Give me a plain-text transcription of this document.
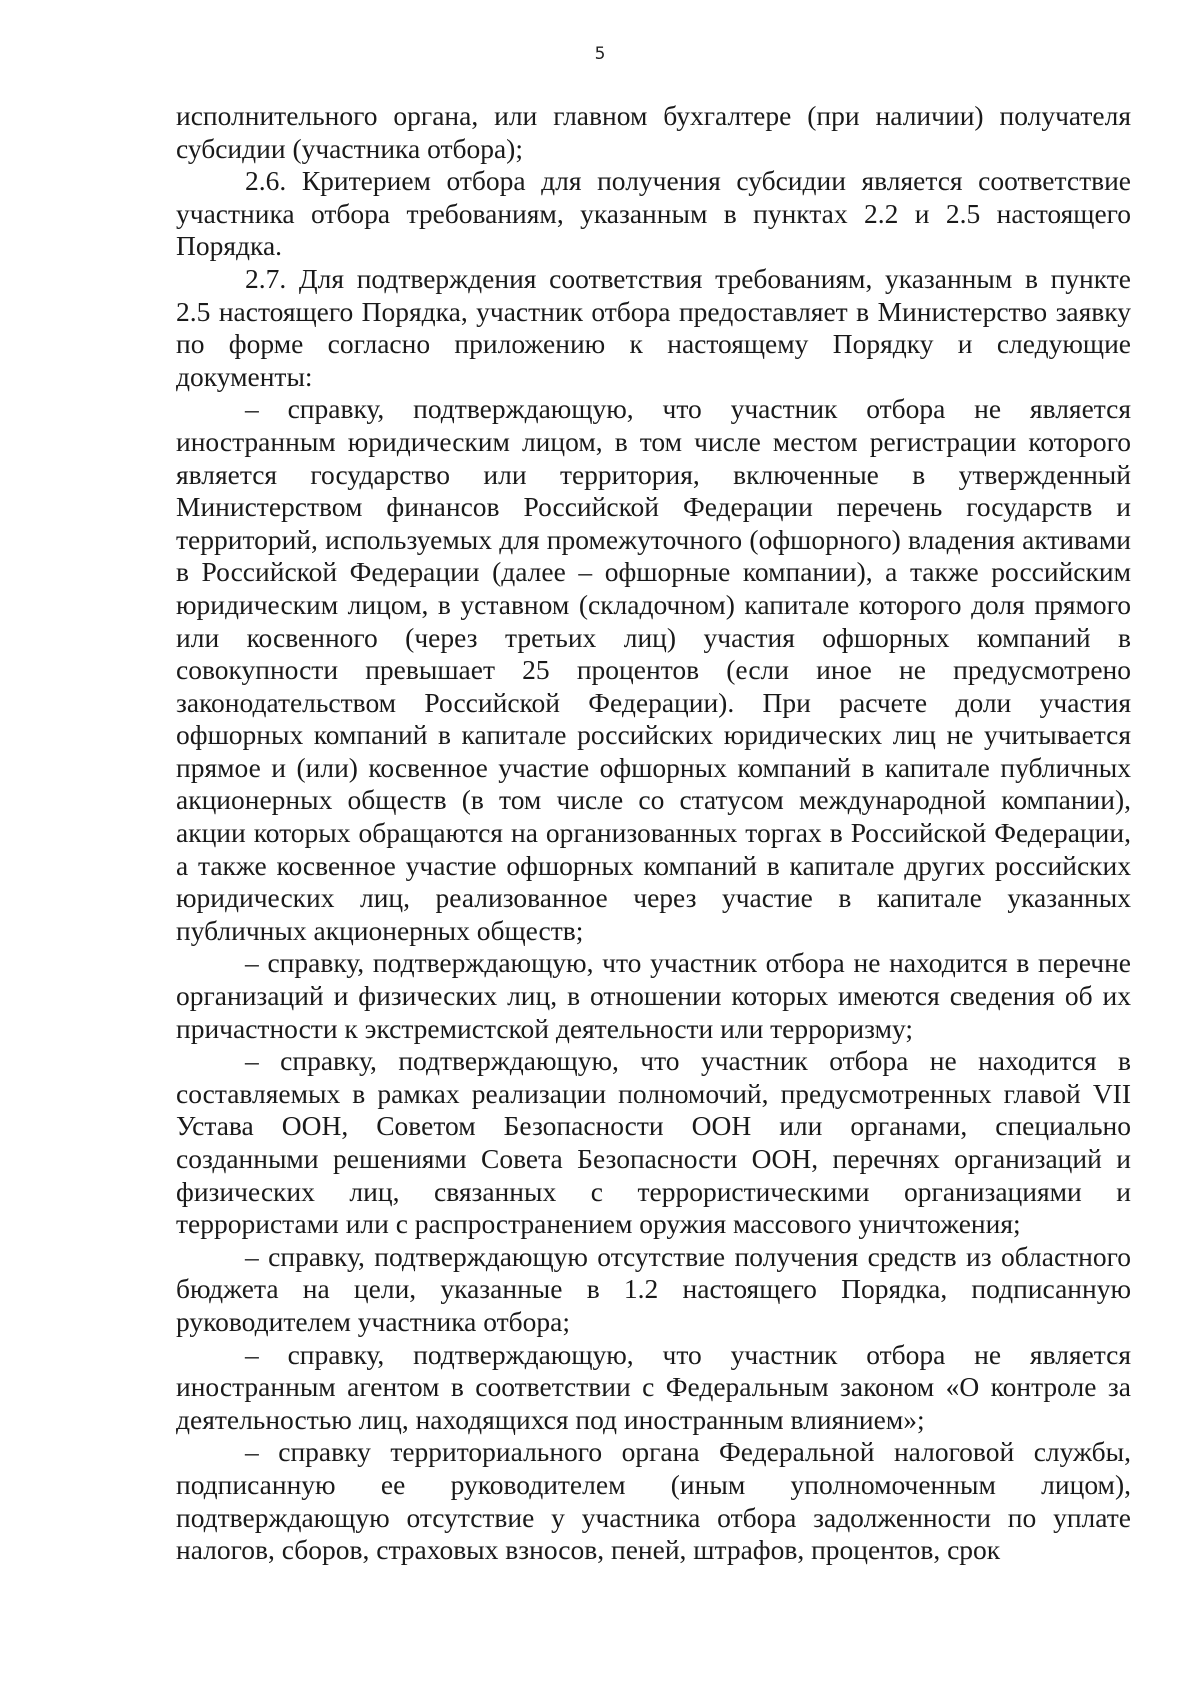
5

исполнительного органа, или главном бухгалтере (при наличии) получателя субсидии (участника отбора);

2.6. Критерием отбора для получения субсидии является соответствие участника отбора требованиям, указанным в пунктах 2.2 и 2.5 настоящего Порядка.

2.7. Для подтверждения соответствия требованиям, указанным в пункте 2.5 настоящего Порядка, участник отбора предоставляет в Министерство заявку по форме согласно приложению к настоящему Порядку и следующие документы:

– справку, подтверждающую, что участник отбора не является иностранным юридическим лицом, в том числе местом регистрации которого является государство или территория, включенные в утвержденный Министерством финансов Российской Федерации перечень государств и территорий, используемых для промежуточного (офшорного) владения активами в Российской Федерации (далее – офшорные компании), а также российским юридическим лицом, в уставном (складочном) капитале которого доля прямого или косвенного (через третьих лиц) участия офшорных компаний в совокупности превышает 25 процентов (если иное не предусмотрено законодательством Российской Федерации). При расчете доли участия офшорных компаний в капитале российских юридических лиц не учитывается прямое и (или) косвенное участие офшорных компаний в капитале публичных акционерных обществ (в том числе со статусом международной компании), акции которых обращаются на организованных торгах в Российской Федерации, а также косвенное участие офшорных компаний в капитале других российских юридических лиц, реализованное через участие в капитале указанных публичных акционерных обществ;

– справку, подтверждающую, что участник отбора не находится в перечне организаций и физических лиц, в отношении которых имеются сведения об их причастности к экстремистской деятельности или терроризму;

– справку, подтверждающую, что участник отбора не находится в составляемых в рамках реализации полномочий, предусмотренных главой VII Устава ООН, Советом Безопасности ООН или органами, специально созданными решениями Совета Безопасности ООН, перечнях организаций и физических лиц, связанных с террористическими организациями и террористами или с распространением оружия массового уничтожения;

– справку, подтверждающую отсутствие получения средств из областного бюджета на цели, указанные в 1.2 настоящего Порядка, подписанную руководителем участника отбора;

– справку, подтверждающую, что участник отбора не является иностранным агентом в соответствии с Федеральным законом «О контроле за деятельностью лиц, находящихся под иностранным влиянием»;

– справку территориального органа Федеральной налоговой службы, подписанную ее руководителем (иным уполномоченным лицом), подтверждающую отсутствие у участника отбора задолженности по уплате налогов, сборов, страховых взносов, пеней, штрафов, процентов, срок
